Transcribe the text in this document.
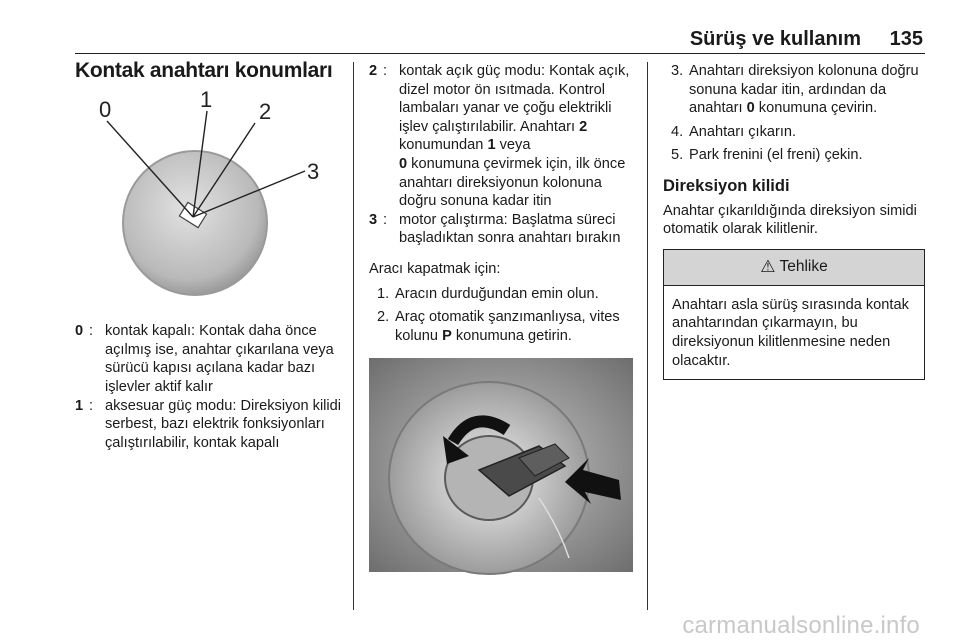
Sürüş ve kullanım 135
Kontak anahtarı konumları
0	1 2
3
0 : kontak kapalı: Kontak daha önce açılmış ise, anahtar çıkarılana veya sürücü kapısı açılana kadar bazı işlevler aktif kalır
1 : aksesuar güç modu: Direksiyon kilidi serbest, bazı elektrik fonksiyonları çalıştırılabilir, kontak kapalı
2 : kontak açık güç modu: Kontak açık, dizel motor ön ısıtmada. Kontrol lambaları yanar ve çoğu elektrikli işlev çalıştırılabilir. Anahtarı 2 konumundan 1 veya
0 konumuna çevirmek için, ilk önce anahtarı direksiyonun kolonuna doğru sonuna kadar itin
3 : motor çalıştırma: Başlatma süreci başladıktan sonra anahtarı bırakın
Aracı kapatmak için:
1. Aracın durduğundan emin olun.
2. Araç otomatik şanzımanlıysa, vites kolunu P konumuna getirin.
3. Anahtarı direksiyon kolonuna doğru sonuna kadar itin, ardından da anahtarı 0 konumuna çevirin.
4. Anahtarı çıkarın.
5. Park frenini (el freni) çekin.
Direksiyon kilidi
Anahtar çıkarıldığında direksiyon simidi otomatik olarak kilitlenir.
⚠ Tehlike
Anahtarı asla sürüş sırasında kontak anahtarından çıkarmayın, bu direksiyonun kilitlenmesine neden olacaktır.
carmanualsonline.info
